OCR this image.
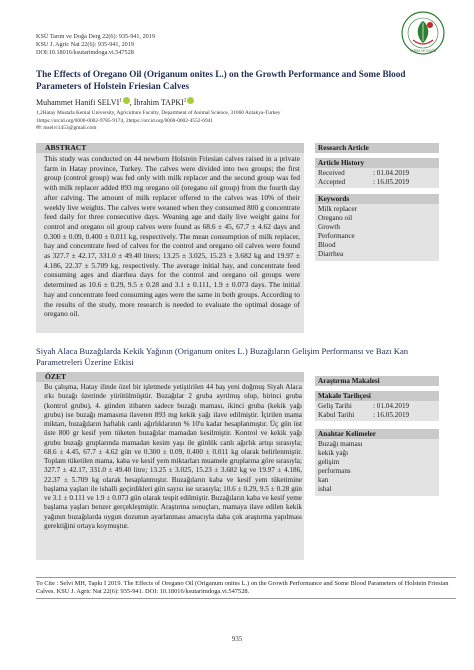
KSÜ Tarım ve Doğa Derg 22(6): 935-941, 2019
KSU J. Agric Nat 22(6): 935-941, 2019
DOI:10.18016/ksutarimdoga.vi.547528	TARIM VE DOĞA
The Effects of Oregano Oil (Origanum onites L.) on the Growth Performance and Some Blood Parameters of Holstein Friesian Calves
Muhammet Hanifi SELVI$^1$ , İbrahim TAPKI$^2$
1,2Hatay Mustafa Kemal University, Agriculture Faculty, Department of Animal Science, 31060 Antakya-Turkey
1https://orcid.org/0000-0002-9785-9174, 2https://orcid.org/0000-0002-4552-6941
✉: mselvi1453@gmail.com
ABSTRACT
This study was conducted on 44 newborn Holstein Friesian calves raised in a private farm in Hatay province, Turkey. The calves were divided into two groups; the first group (control group) was fed only with milk replacer and the second group was fed with milk replacer added 893 mg oregano oil (oregano oil group) from the fourth day after calving. The amount of milk replacer offered to the calves was 10% of their weekly live weights. The calves were weaned when they consumed 800 g concentrate feed daily for three consecutive days. Weaning age and daily live weight gains for control and oregano oil group calves were found as 68.6 ± 45, 67.7 ± 4.62 days and 0.300 ± 0.09, 0.400 ± 0.011 kg, respectively. The mean consumption of milk replacer, hay and concentrate feed of calves for the control and oregano oil calves were found as 327.7 ± 42.17, 331.0 ± 49.40 liters; 13.25 ± 3.025, 15.23 ± 3.682 kg and 19.97 ± 4.186, 22.37 ± 5.709 kg, respectively. The average initial hay, and concentrate feed consuming ages and diarrhea days for the control and oregano oil groups were determined as 10.6 ± 0.29, 9.5 ± 0.28 and 3.1 ± 0.111, 1.9 ± 0.073 days. The initial hay and concentrate feed consuming ages were the same in both groups. According to the results of the study, more research is needed to evaluate the optimal dosage of oregano oil.
Research Article
Article History
Received	: 01.04.2019
Accepted	: 16.05.2019
Keywords
Milk replacer
Oregano oil
Growth
Performance
Blood
Diarrhea
Siyah Alaca Buzağılarda Kekik Yağının (Origanum onites L.) Buzağıların Gelişim Performansı ve Bazı Kan Parametreleri Üzerine Etkisi
ÖZET
Bu çalışma, Hatay ilinde özel bir işletmede yetiştirilen 44 baş yeni doğmuş Siyah Alaca ırkı buzağı üzerinde yürütülmüştür. Buzağılar 2 gruba ayrılmış olup, birinci gruba (kontrol grubu), 4. günden itibaren sadece buzağı maması, ikinci gruba (kekik yağı grubu) ise buzağı mamasına ilaveten 893 mg kekik yağı ilave edilmiştir. İçirilen mama miktarı, buzağıların haftalık canlı ağırlıklarının % 10'u kadar hesaplanmıştır. Üç gün üst üste 800 gr kesif yem tüketen buzağılar mamadan kesilmiştir. Kontrol ve kekik yağı grubu buzağı gruplarında mamadan kesim yaşı ile günlük canlı ağırlık artışı sırasıyla; 68.6 ± 4.45, 67.7 ± 4.62 gün ve 0.300 ± 0.09, 0.400 ± 0.011 kg olarak belirlenmiştir. Toplam tüketilen mama, kaba ve kesif yem miktarları muamele gruplarına göre sırasıyla; 327.7 ± 42.17, 331.0 ± 49.40 litre; 13.25 ± 3.025, 15.23 ± 3.682 kg ve 19.97 ± 4.186, 22.37 ± 5.709 kg olarak hesaplanmıştır. Buzağıların kaba ve kesif yem tüketimine başlama yaşları ile ishalli geçirdikleri gün sayısı ise sırasıyla; 10.6 ± 0.29, 9.5 ± 0.28 gün ve 3.1 ± 0.111 ve 1.9 ± 0.073 gün olarak tespit edilmiştir. Buzağıların kaba ve kesif yeme başlama yaşları benzer gerçekleşmiştir. Araştırma sonuçları, mamaya ilave edilen kekik yağının buzağılarda uygun dozunun ayarlanması amacıyla daha çok araştırma yapılması gerektiğini ortaya koymuştur.
Araştırma Makalesi
Makale Tarihçesi
Geliş Tarihi	: 01.04.2019
Kabul Tarihi	: 16.05.2019
Anahtar Kelimeler
Buzağı maması
kekik yağı
gelişim
performans
kan
ishal
To Cite : Selvi MH, Tapkı İ 2019. The Effects of Oregano Oil (Origanum onites L.) on the Growth Performance and Some Blood Parameters of Holstein Friesian Calves. KSU J. Agric Nat 22(6): 935-941. DOI: 10.18016/ksutarimdoga.vi.547528.
935
